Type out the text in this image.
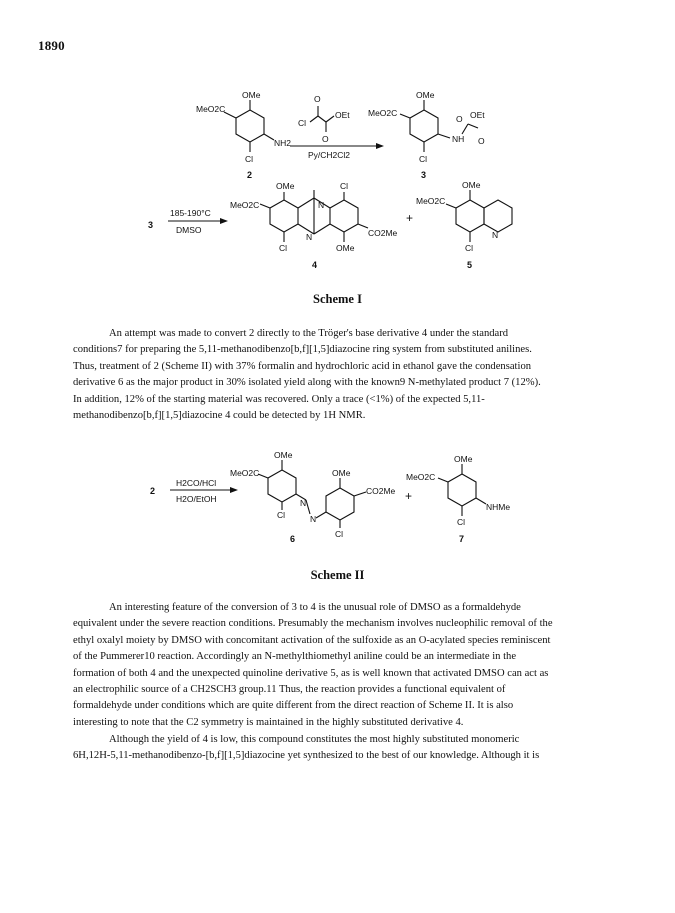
1890
OMe
MeO2C
NH2
Cl
2
O
O
Cl
OEt
Py/CH2Cl2
OMe
MeO2C
NH
O OEt
O
Cl
3
3
185-190°C
DMSO
OMe
MeO2C	N
Cl
N
Cl
CO2Me
OMe
4
+
OMe
MeO2C
N
Cl
5
Scheme I
An attempt was made to convert 2 directly to the Tröger's base derivative 4 under the standard
conditions7 for preparing the 5,11-methanodibenzo[b,f][1,5]diazocine ring system from substituted anilines.
Thus, treatment of 2 (Scheme II) with 37% formalin and hydrochloric acid in ethanol gave the condensation
derivative 6 as the major product in 30% isolated yield along with the known9 N-methylated product 7 (12%).
In addition, 12% of the starting material was recovered. Only a trace (<1%) of the expected 5,11-
methanodibenzo[b,f][1,5]diazocine 4 could be detected by 1H NMR.
2
H2CO/HCl
H2O/EtOH
OMe
MeO2C	OMe
CO2Me
N
N
Cl
Cl
6
+
OMe
MeO2C
NHMe
Cl
7
Scheme II
An interesting feature of the conversion of 3 to 4 is the unusual role of DMSO as a formaldehyde
equivalent under the severe reaction conditions. Presumably the mechanism involves nucleophilic removal of the
ethyl oxalyl moiety by DMSO with concomitant activation of the sulfoxide as an O-acylated species reminiscent
of the Pummerer10 reaction. Accordingly an N-methylthiomethyl aniline could be an intermediate in the
formation of both 4 and the unexpected quinoline derivative 5, as is well known that activated DMSO can act as
an electrophilic source of a CH2SCH3 group.11 Thus, the reaction provides a functional equivalent of
formaldehyde under conditions which are quite different from the direct reaction of Scheme II. It is also
interesting to note that the C2 symmetry is maintained in the highly substituted derivative 4.
Although the yield of 4 is low, this compound constitutes the most highly substituted monomeric
6H,12H-5,11-methanodibenzo-[b,f][1,5]diazocine yet synthesized to the best of our knowledge. Although it is
